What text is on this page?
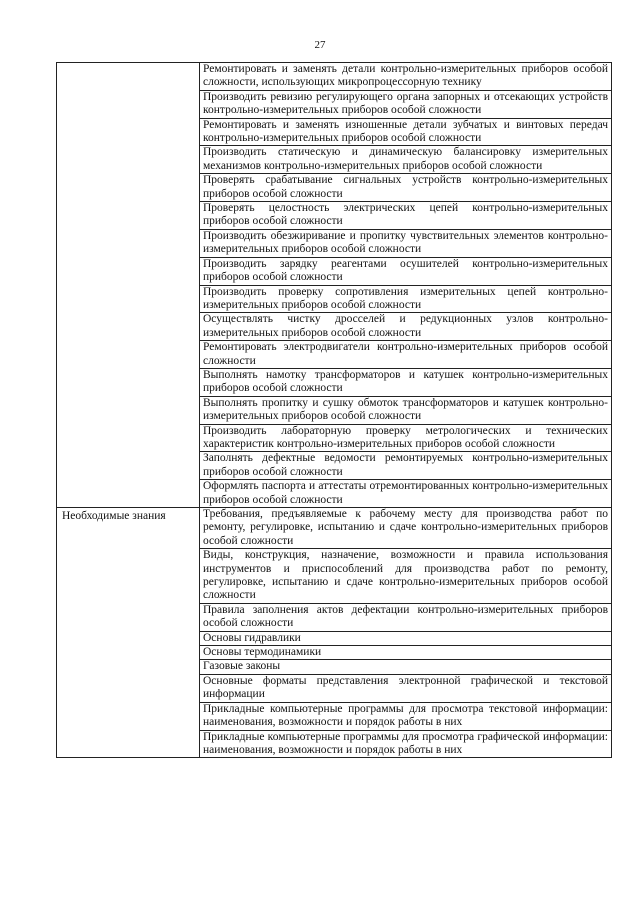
27
	Ремонтировать и заменять детали контрольно-измерительных приборов особой сложности, использующих микропроцессорную технику
	Производить ревизию регулирующего органа запорных и отсекающих устройств контрольно-измерительных приборов особой сложности
	Ремонтировать и заменять изношенные детали зубчатых и винтовых передач контрольно-измерительных приборов особой сложности
	Производить статическую и динамическую балансировку измерительных механизмов контрольно-измерительных приборов особой сложности
	Проверять срабатывание сигнальных устройств контрольно-измерительных приборов особой сложности
	Проверять целостность электрических цепей контрольно-измерительных приборов особой сложности
	Производить обезжиривание и пропитку чувствительных элементов контрольно-измерительных приборов особой сложности
	Производить зарядку реагентами осушителей контрольно-измерительных приборов особой сложности
	Производить проверку сопротивления измерительных цепей контрольно-измерительных приборов особой сложности
	Осуществлять чистку дросселей и редукционных узлов контрольно-измерительных приборов особой сложности
	Ремонтировать электродвигатели контрольно-измерительных приборов особой сложности
	Выполнять намотку трансформаторов и катушек контрольно-измерительных приборов особой сложности
	Выполнять пропитку и сушку обмоток трансформаторов и катушек контрольно-измерительных приборов особой сложности
	Производить лабораторную проверку метрологических и технических характеристик контрольно-измерительных приборов особой сложности
	Заполнять дефектные ведомости ремонтируемых контрольно-измерительных приборов особой сложности
	Оформлять паспорта и аттестаты отремонтированных контрольно-измерительных приборов особой сложности

Необходимые знания	Требования, предъявляемые к рабочему месту для производства работ по ремонту, регулировке, испытанию и сдаче контрольно-измерительных приборов особой сложности
	Виды, конструкция, назначение, возможности и правила использования инструментов и приспособлений для производства работ по ремонту, регулировке, испытанию и сдаче контрольно-измерительных приборов особой сложности
	Правила заполнения актов дефектации контрольно-измерительных приборов особой сложности
	Основы гидравлики
	Основы термодинамики
	Газовые законы
	Основные форматы представления электронной графической и текстовой информации
	Прикладные компьютерные программы для просмотра текстовой информации: наименования, возможности и порядок работы в них
	Прикладные компьютерные программы для просмотра графической информации: наименования, возможности и порядок работы в них
